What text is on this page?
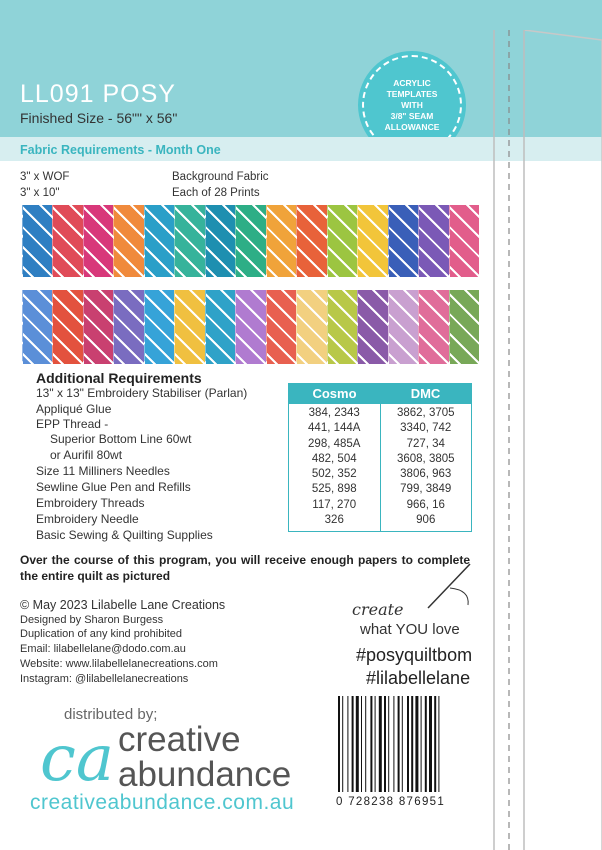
LL091 POSY
Finished Size - 56"" x 56"
ACRYLIC
TEMPLATES
WITH
3/8" SEAM
ALLOWANCE
Fabric Requirements - Month One
3" x WOF
3" x 10"
Background Fabric
Each of 28 Prints
Additional Requirements
13" x 13" Embroidery Stabiliser (Parlan)
Appliqué Glue
EPP Thread -
Superior Bottom Line 60wt
or Aurifil 80wt
Size 11 Milliners Needles
Sewline Glue Pen and Refills
Embroidery Threads
Embroidery Needle
Basic Sewing & Quilting Supplies
Cosmo	DMC
384, 2343
441, 144A
298, 485A
482, 504
502, 352
525, 898
117, 270
326
3862, 3705
3340, 742
727, 34
3608, 3805
3806, 963
799, 3849
966, 16
906
Over the course of this program, you will receive enough papers to complete the entire quilt as pictured
© May 2023 Lilabelle Lane Creations
Designed by Sharon Burgess
Duplication of any kind prohibited
Email: lilabellelane@dodo.com.au
Website: www.lilabellelanecreations.com
Instagram: @lilabellelanecreations
create
what YOU love
#posyquiltbom
#lilabellelane
distributed by;
ca creative
abundance
creativeabundance.com.au	0 728238 876951
